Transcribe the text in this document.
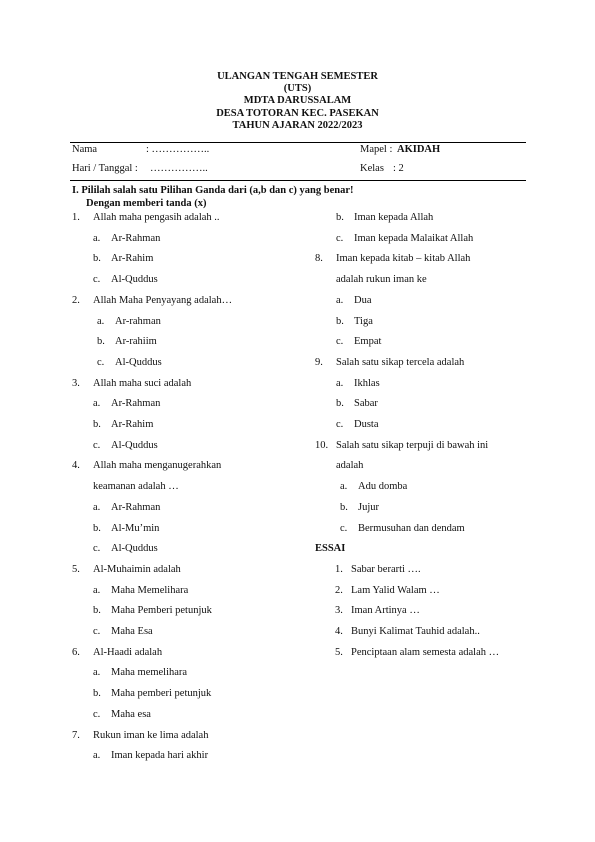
ULANGAN TENGAH SEMESTER
(UTS)
MDTA DARUSSALAM
DESA TOTORAN KEC. PASEKAN
TAHUN AJARAN 2022/2023
Nama	: ……………..	Mapel : AKIDAH
Hari / Tanggal : ……………..	Kelas : 2
I. Pililah salah satu Pilihan Ganda dari (a,b dan c) yang benar!
Dengan memberi tanda (x)
1. Allah maha pengasih adalah ..
a. Ar-Rahman
b. Ar-Rahim
c. Al-Quddus
2. Allah Maha Penyayang adalah…
a. Ar-rahman
b. Ar-rahiim
c. Al-Quddus
3. Allah maha suci adalah
a. Ar-Rahman
b. Ar-Rahim
c. Al-Quddus
4. Allah maha menganugerahkan
keamanan adalah …
a. Ar-Rahman
b. Al-Mu’min
c. Al-Quddus
5. Al-Muhaimin adalah
a. Maha Memelihara
b. Maha Pemberi petunjuk
c. Maha Esa
6. Al-Haadi adalah
a. Maha memelihara
b. Maha pemberi petunjuk
c. Maha esa
7. Rukun iman ke lima adalah
a. Iman kepada hari akhir
b. Iman kepada Allah
c. Iman kepada Malaikat Allah
8. Iman kepada kitab – kitab Allah
adalah rukun iman ke
a. Dua
b. Tiga
c. Empat
9. Salah satu sikap tercela adalah
a. Ikhlas
b. Sabar
c. Dusta
10. Salah satu sikap terpuji di bawah ini
adalah
a. Adu domba
b. Jujur
c. Bermusuhan dan dendam
ESSAI
1. Sabar berarti ….
2. Lam Yalid Walam …
3. Iman Artinya …
4. Bunyi Kalimat Tauhid adalah..
5. Penciptaan alam semesta adalah …
